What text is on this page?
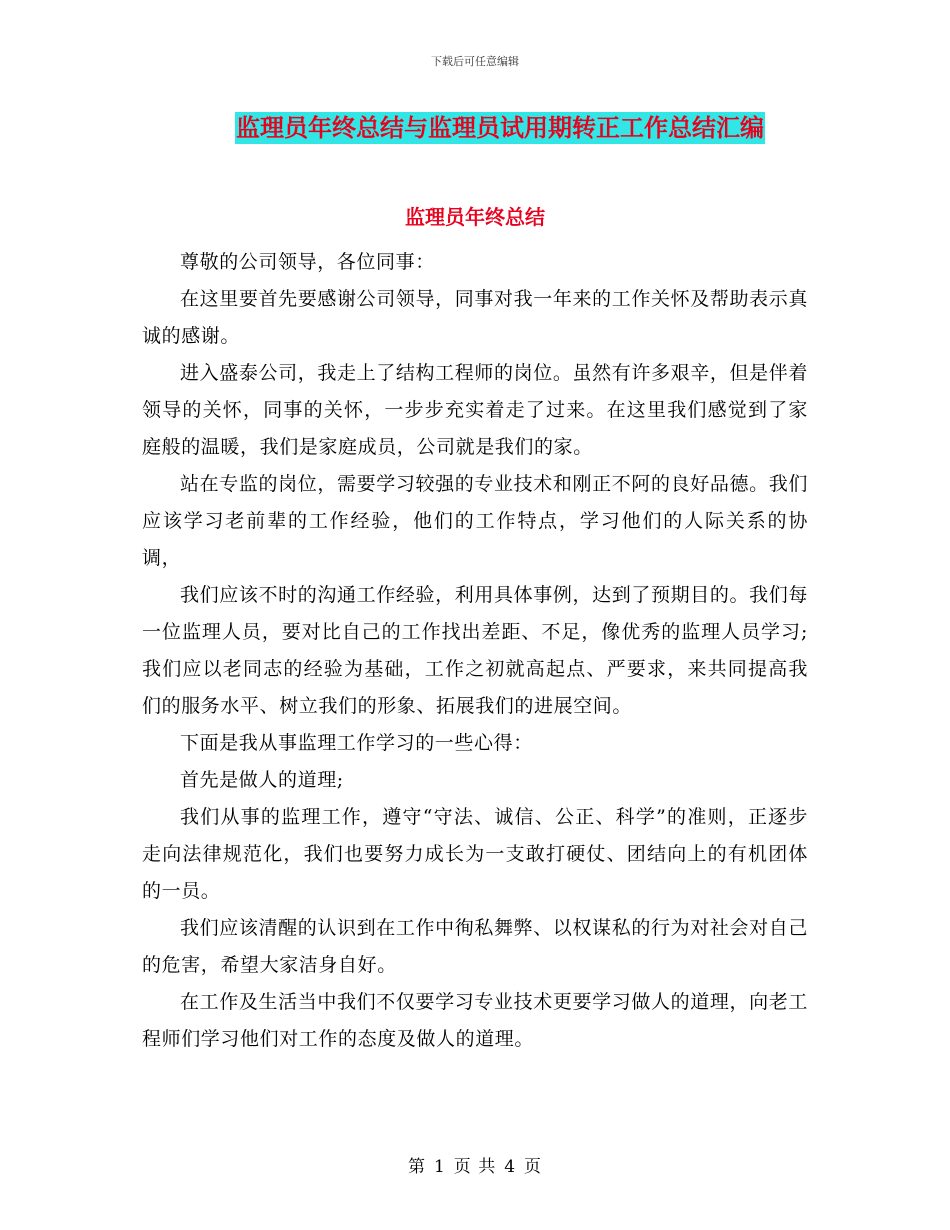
下载后可任意编辑
监理员年终总结与监理员试用期转正工作总结汇编
监理员年终总结

尊敬的公司领导，各位同事：

在这里要首先要感谢公司领导，同事对我一年来的工作关怀及帮助表示真诚的感谢。

进入盛泰公司，我走上了结构工程师的岗位。虽然有许多艰辛，但是伴着领导的关怀，同事的关怀，一步步充实着走了过来。在这里我们感觉到了家庭般的温暖，我们是家庭成员，公司就是我们的家。

站在专监的岗位，需要学习较强的专业技术和刚正不阿的良好品德。我们应该学习老前辈的工作经验，他们的工作特点，学习他们的人际关系的协调，

我们应该不时的沟通工作经验，利用具体事例，达到了预期目的。我们每一位监理人员，要对比自己的工作找出差距、不足，像优秀的监理人员学习;我们应以老同志的经验为基础，工作之初就高起点、严要求，来共同提高我们的服务水平、树立我们的形象、拓展我们的进展空间。

下面是我从事监理工作学习的一些心得：

首先是做人的道理;

我们从事的监理工作，遵守“守法、诚信、公正、科学”的准则，正逐步走向法律规范化，我们也要努力成长为一支敢打硬仗、团结向上的有机团体的一员。

我们应该清醒的认识到在工作中徇私舞弊、以权谋私的行为对社会对自己的危害，希望大家洁身自好。

在工作及生活当中我们不仅要学习专业技术更要学习做人的道理，向老工程师们学习他们对工作的态度及做人的道理。

第 1 页 共 4 页
